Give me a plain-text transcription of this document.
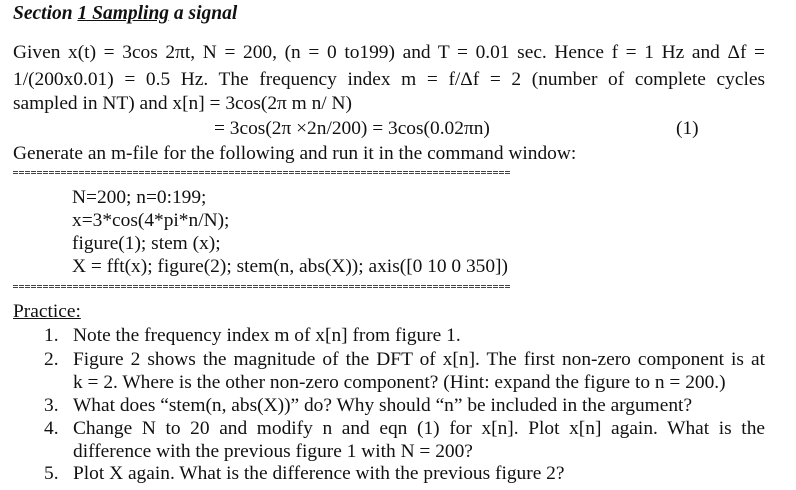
Section 1 Sampling a signal
Given x(t) = 3cos 2πt, N = 200, (n = 0 to199) and T = 0.01 sec. Hence f = 1 Hz and Δf =
1/(200x0.01) = 0.5 Hz. The frequency index m = f/Δf = 2 (number of complete cycles
sampled in NT) and x[n] = 3cos(2π m n/ N)
= 3cos(2π ×2n/200) = 3cos(0.02πn)	(1)
Generate an m-file for the following and run it in the command window:
N=200; n=0:199;
x=3*cos(4*pi*n/N);
figure(1); stem (x);
X = fft(x); figure(2); stem(n, abs(X)); axis([0 10 0 350])
Practice:
1. Note the frequency index m of x[n] from figure 1.
2. Figure 2 shows the magnitude of the DFT of x[n]. The first non-zero component is at
k = 2. Where is the other non-zero component? (Hint: expand the figure to n = 200.)
3. What does “stem(n, abs(X))” do? Why should “n” be included in the argument?
4. Change N to 20 and modify n and eqn (1) for x[n]. Plot x[n] again. What is the
difference with the previous figure 1 with N = 200?
5. Plot X again. What is the difference with the previous figure 2?
